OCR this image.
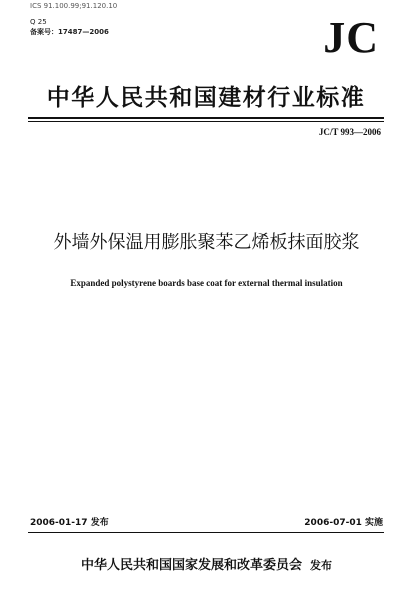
ICS 91.100.99;91.120.10
Q 25
备案号：17487—2006	JC
中华人民共和国建材行业标准
JC/T 993—2006
外墙外保温用膨胀聚苯乙烯板抹面胶浆
Expanded polystyrene boards base coat for external thermal insulation
2006-01-17 发布	2006-07-01 实施
中华人民共和国国家发展和改革委员会 发布
